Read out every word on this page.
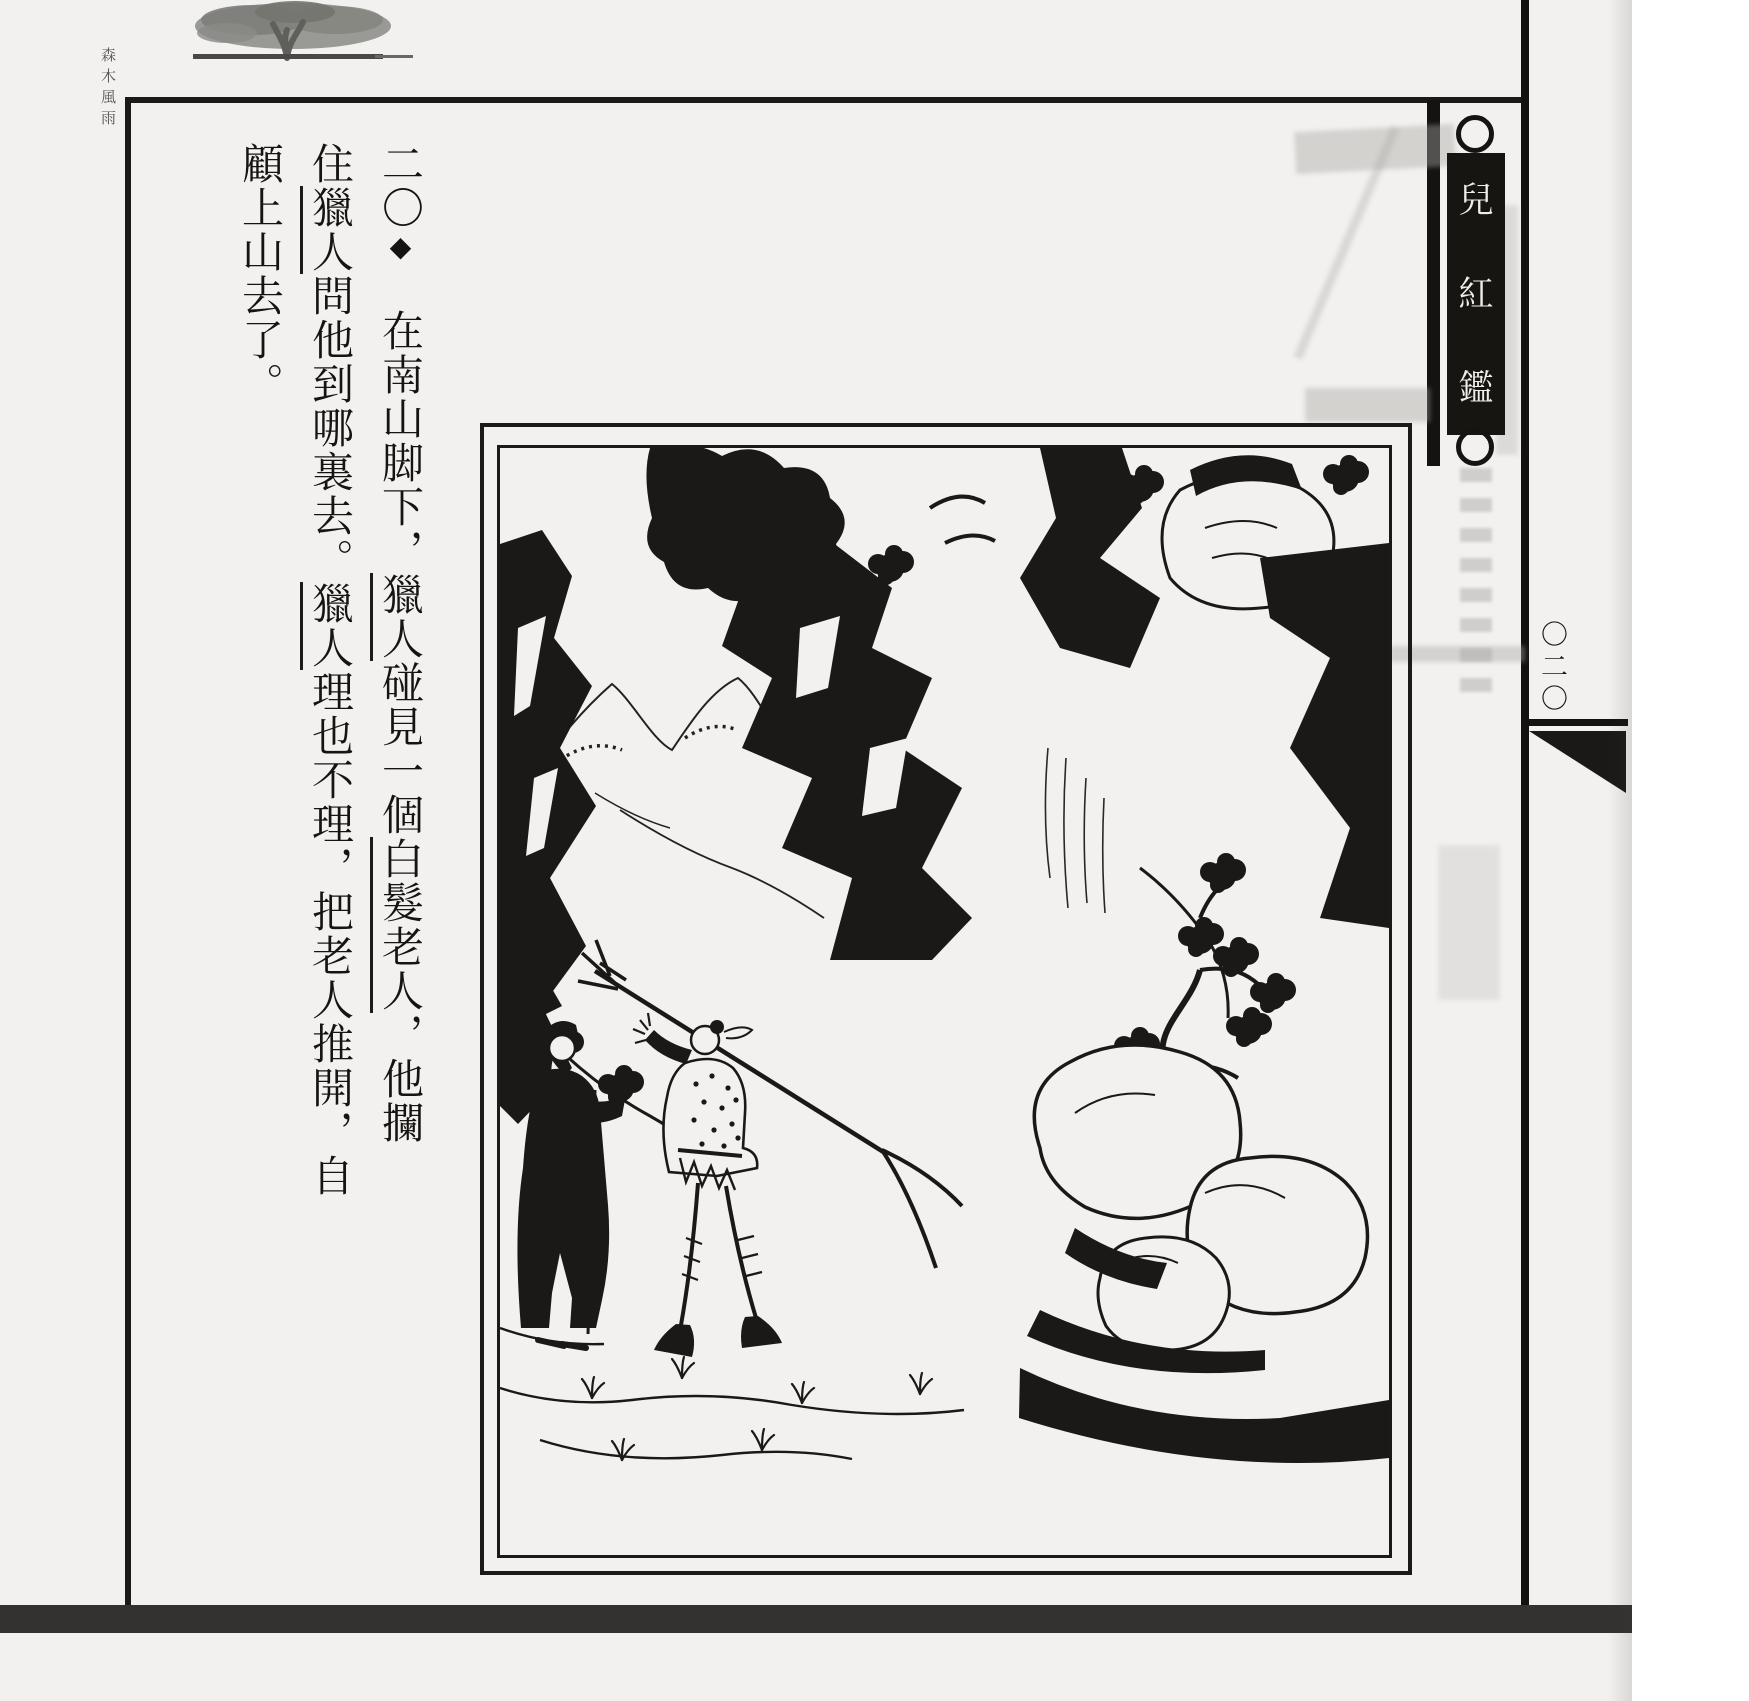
森木風雨
兒
紅
鑑
〇二〇
二〇◆　在南山脚下，獵人碰見一個白髮老人，他攔
住獵人問他到哪裏去。獵人理也不理，把老人推開，自
顧上山去了。
